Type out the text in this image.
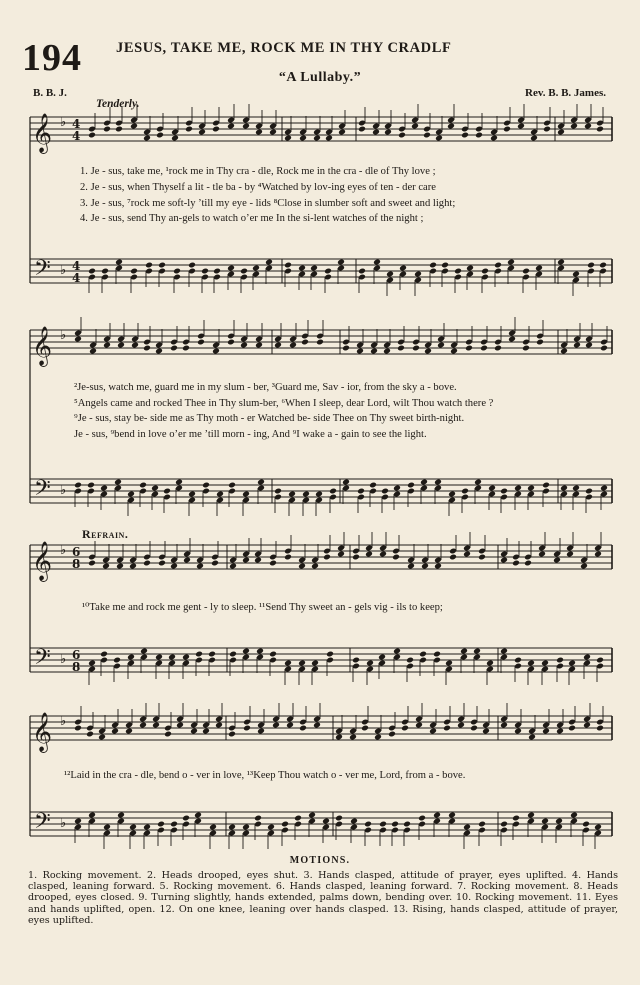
𝄞
𝄢
♭
♭
4
4
4
4
𝄞
𝄢
♭
♭
𝄞
𝄢
♭
♭
6
8
6
8
𝄞
𝄢
♭
♭
194 JESUS, TAKE ME, ROCK ME IN THY CRADLF
“A Lullaby.”
B. B. J.	Rev. B. B. James.
Tenderly.
Refrain.
1. Je - sus, take me, ¹rock me in Thy cra - dle, Rock me in the cra - dle of Thy love ;
2. Je - sus, when Thyself a lit - tle ba - by ⁴Watched by lov-ing eyes of ten - der care
3. Je - sus, ⁷rock me soft-ly ’till my eye - lids ⁸Close in slumber soft and sweet and light;
4. Je - sus, send Thy an-gels to watch o’er me In the si-lent watches of the night ;
²Je-sus, watch me, guard me in my slum - ber, ³Guard me, Sav - ior, from the sky a - bove.
⁵Angels came and rocked Thee in Thy slum-ber, ⁶When I sleep, dear Lord, wilt Thou watch there ?
⁹Je - sus, stay be- side me as Thy moth - er Watched be- side Thee on Thy sweet birth-night.
Je - sus, ⁹bend in love o’er me ’till morn - ing, And ⁹I wake a - gain to see the light.
¹⁰Take me and rock me gent - ly to sleep. ¹¹Send Thy sweet an - gels vig - ils to keep;
¹²Laid in the cra - dle, bend o - ver in love, ¹³Keep Thou watch o - ver me, Lord, from a - bove.
MOTIONS.
1. Rocking movement. 2. Heads drooped, eyes shut. 3. Hands clasped, attitude of prayer, eyes uplifted. 4. Hands clasped, leaning forward. 5. Rocking movement. 6. Hands clasped, leaning forward. 7. Rocking movement. 8. Heads drooped, eyes closed. 9. Turning slightly, hands extended, palms down, bending over. 10. Rocking movement. 11. Eyes and hands uplifted, open. 12. On one knee, leaning over hands clasped. 13. Rising, hands clasped, attitude of prayer, eyes uplifted.
